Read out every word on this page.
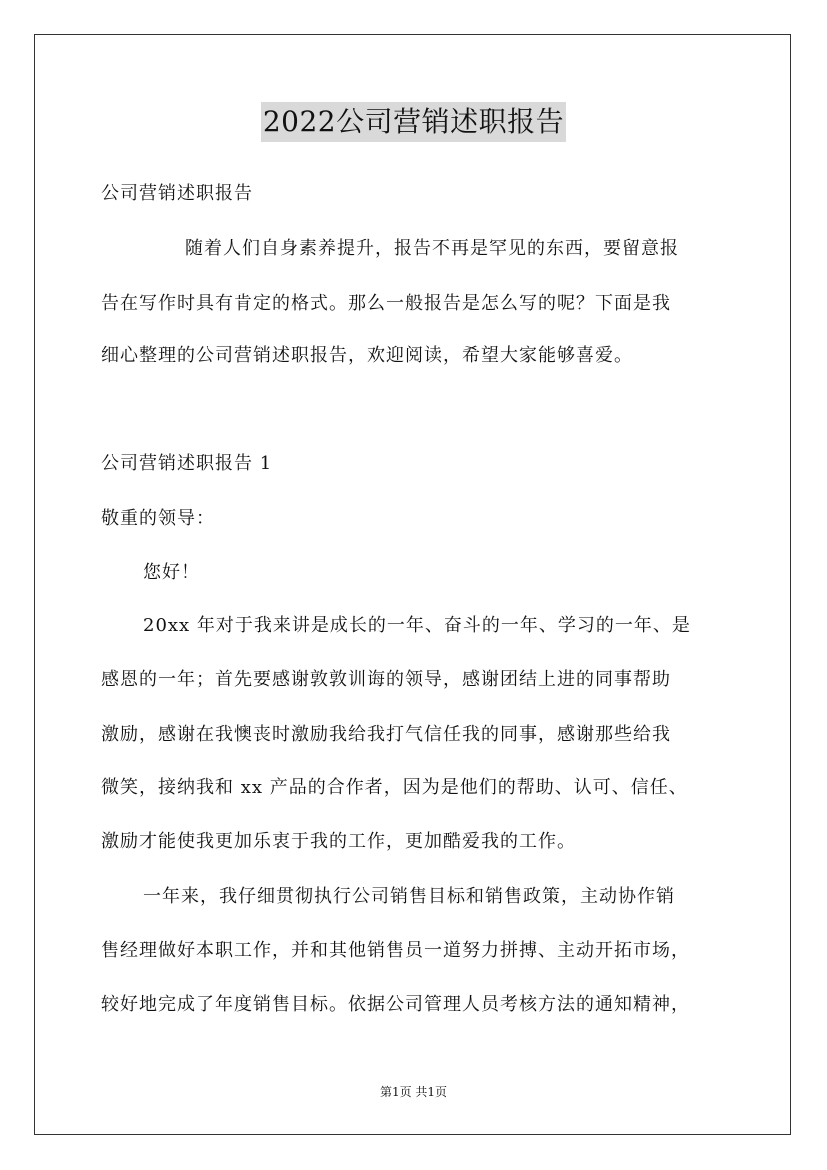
2022公司营销述职报告
公司营销述职报告
随着人们自身素养提升，报告不再是罕见的东西，要留意报
告在写作时具有肯定的格式。那么一般报告是怎么写的呢？下面是我
细心整理的公司营销述职报告，欢迎阅读，希望大家能够喜爱。
公司营销述职报告 1
敬重的领导：
您好！
20xx 年对于我来讲是成长的一年、奋斗的一年、学习的一年、是
感恩的一年；首先要感谢敦敦训诲的领导，感谢团结上进的同事帮助
激励，感谢在我懊丧时激励我给我打气信任我的同事，感谢那些给我
微笑，接纳我和 xx 产品的合作者，因为是他们的帮助、认可、信任、
激励才能使我更加乐衷于我的工作，更加酷爱我的工作。
一年来，我仔细贯彻执行公司销售目标和销售政策，主动协作销
售经理做好本职工作，并和其他销售员一道努力拼搏、主动开拓市场，
较好地完成了年度销售目标。依据公司管理人员考核方法的通知精神，
第1页 共1页
